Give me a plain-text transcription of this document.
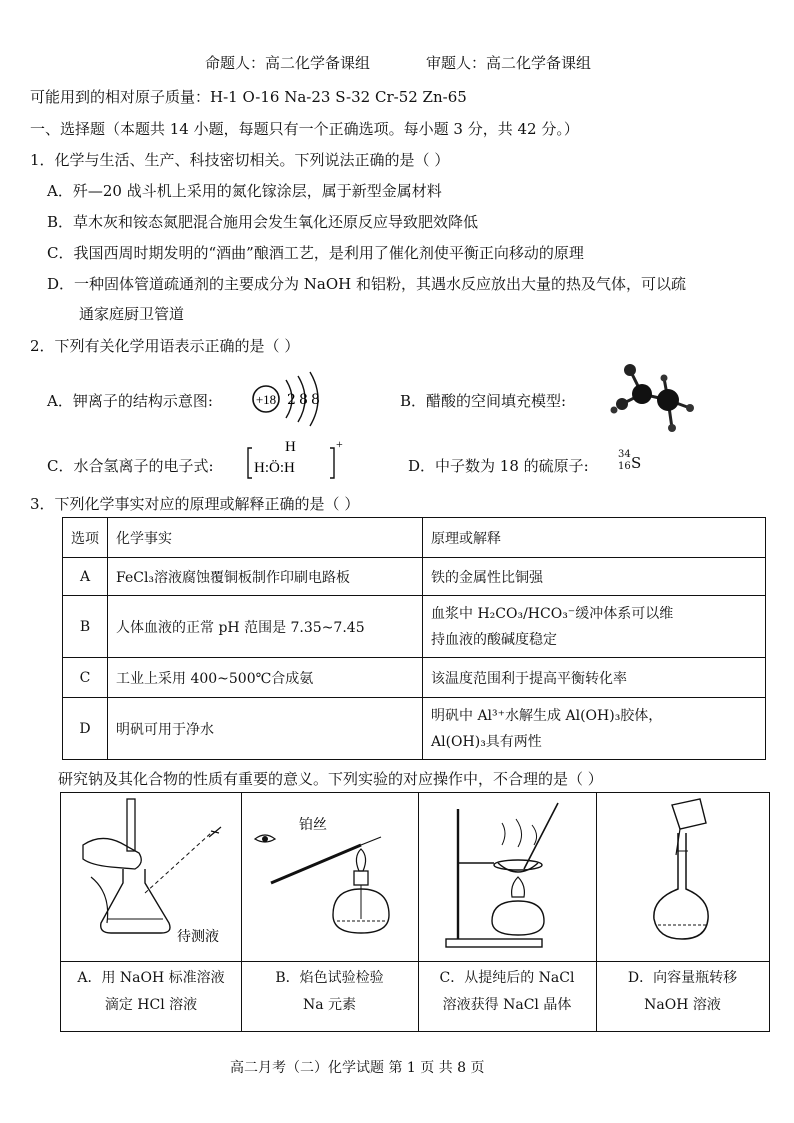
命题人：高二化学备课组	审题人：高二化学备课组
可能用到的相对原子质量：H-1 O-16 Na-23 S-32 Cr-52 Zn-65
一、选择题（本题共 14 小题，每题只有一个正确选项。每小题 3 分，共 42 分。）
1．化学与生活、生产、科技密切相关。下列说法正确的是（ ）
A．歼—20 战斗机上采用的氮化镓涂层，属于新型金属材料
B．草木灰和铵态氮肥混合施用会发生氧化还原反应导致肥效降低
C．我国西周时期发明的“酒曲”酿酒工艺，是利用了催化剂使平衡正向移动的原理
D．一种固体管道疏通剂的主要成分为 NaOH 和铝粉，其遇水反应放出大量的热及气体，可以疏
通家庭厨卫管道
2．下列有关化学用语表示正确的是（ ）
A．钾离子的结构示意图:	+18 2 8 8	B．醋酸的空间填充模型:
C．水合氢离子的电子式:
H
H:Ö:H
+
D．中子数为 18 的硫原子:
34
16 S
3．下列化学事实对应的原理或解释正确的是（ ）
选项	化学事实	原理或解释
A	FeCl₃溶液腐蚀覆铜板制作印刷电路板	铁的金属性比铜强

B	人体血液的正常 pH 范围是 7.35~7.45	血浆中 H₂CO₃/HCO₃⁻缓冲体系可以维
持血液的酸碱度稳定

C	工业上采用 400~500℃合成氨	该温度范围利于提高平衡转化率

D	明矾可用于净水	明矾中 Al³⁺水解生成 Al(OH)₃胶体，
Al(OH)₃具有两性
研究钠及其化合物的性质有重要的意义。下列实验的对应操作中，不合理的是（ ）
待测液
A．用 NaOH 标准溶液
滴定 HCl 溶液
铂丝
B．焰色试验检验
Na 元素
C．从提纯后的 NaCl
溶液获得 NaCl 晶体
D．向容量瓶转移
NaOH 溶液
高二月考（二）化学试题 第 1 页 共 8 页
